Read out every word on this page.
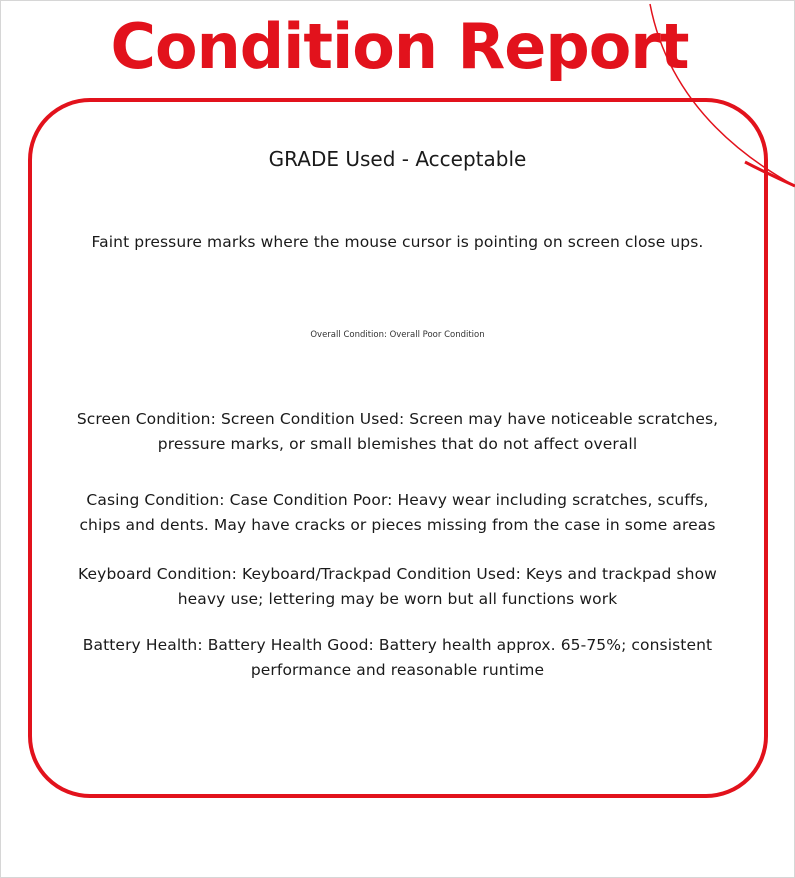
Condition Report
GRADE Used - Acceptable
Faint pressure marks where the mouse cursor is pointing on screen close ups.
Overall Condition: Overall Poor Condition
Screen Condition: Screen Condition Used: Screen may have noticeable scratches, pressure marks, or small blemishes that do not affect overall
Casing Condition: Case Condition Poor: Heavy wear including scratches, scuffs, chips and dents. May have cracks or pieces missing from the case in some areas
Keyboard Condition: Keyboard/Trackpad Condition Used: Keys and trackpad show heavy use; lettering may be worn but all functions work
Battery Health: Battery Health Good: Battery health approx. 65-75%; consistent performance and reasonable runtime
